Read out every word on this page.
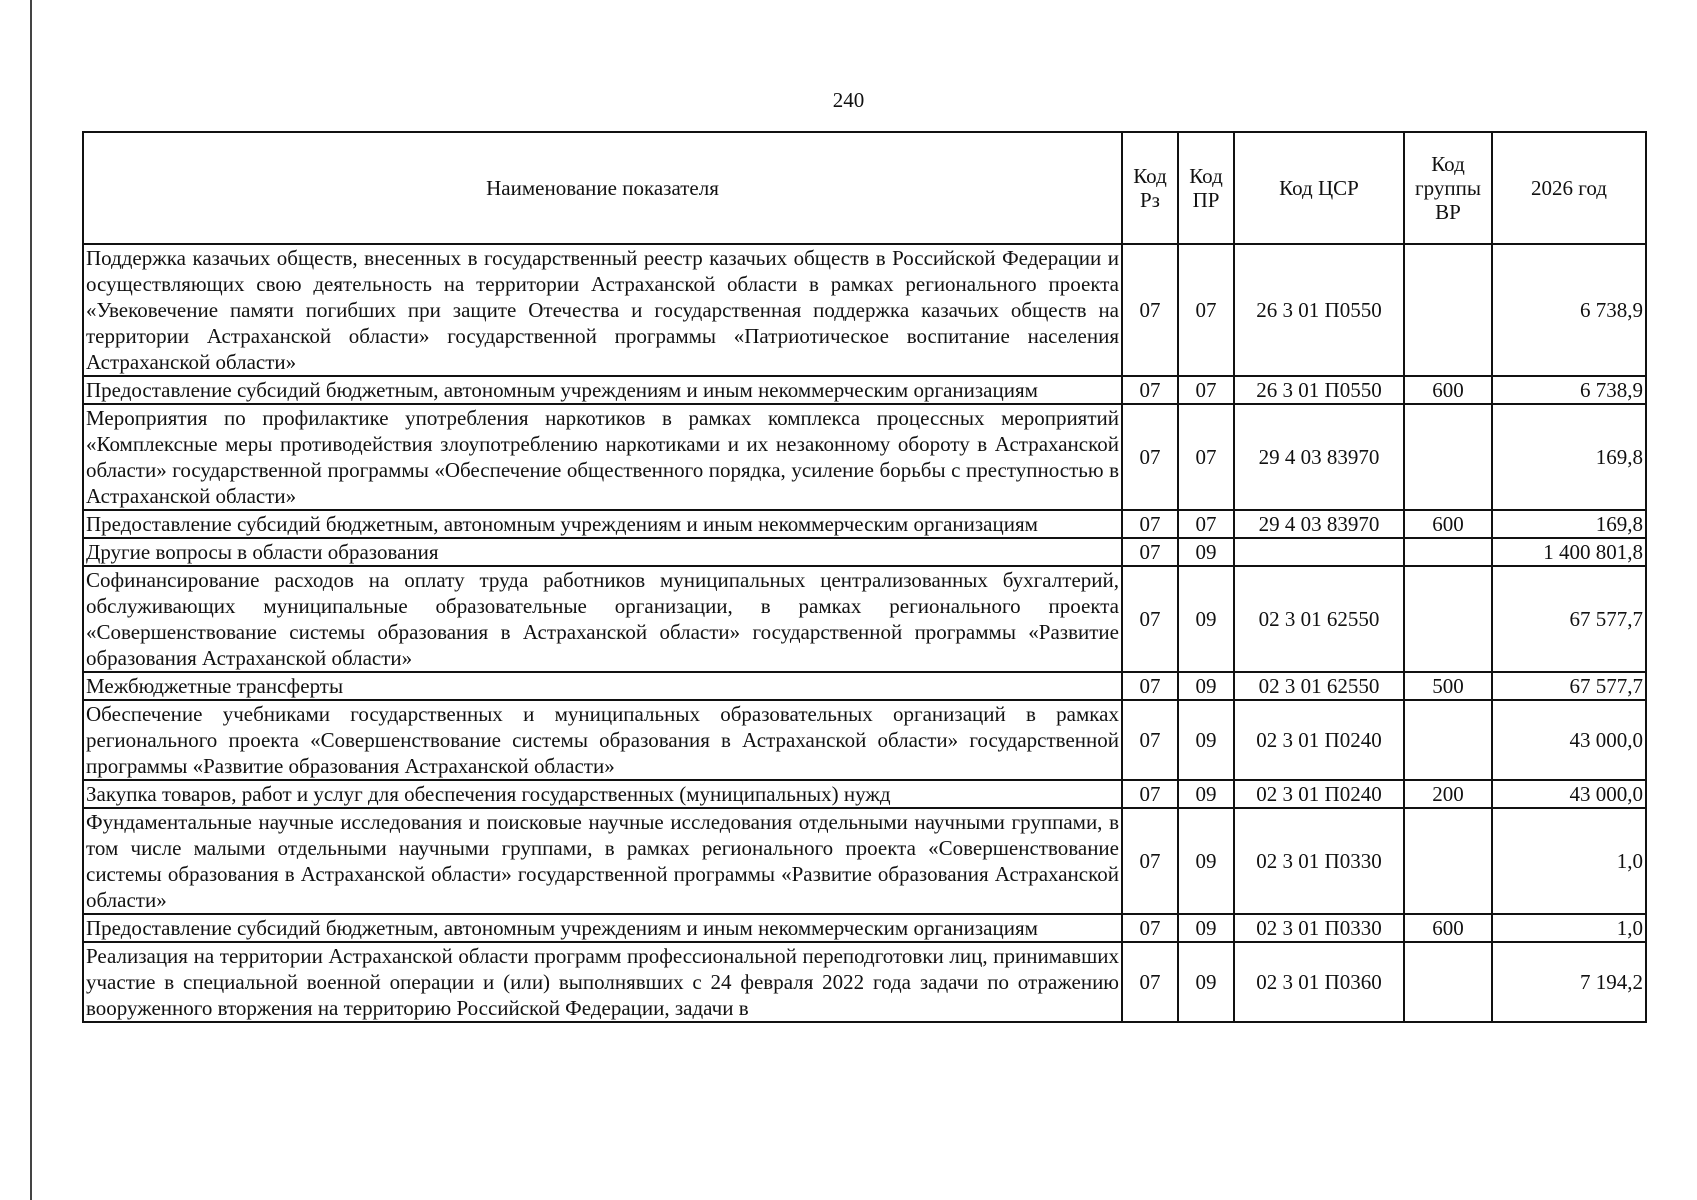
240
Наименование показателя	Код Рз	Код ПР	Код ЦСР	Код группы ВР	2026 год
Поддержка казачьих обществ, внесенных в государственный реестр казачьих обществ в Российской Федерации и осуществляющих свою деятельность на территории Астраханской области в рамках регионального проекта «Увековечение памяти погибших при защите Отечества и государственная поддержка казачьих обществ на территории Астраханской области» государственной программы «Патриотическое воспитание населения Астраханской области»	07	07	26 3 01 П0550		6 738,9
Предоставление субсидий бюджетным, автономным учреждениям и иным некоммерческим организациям	07	07	26 3 01 П0550	600	6 738,9
Мероприятия по профилактике употребления наркотиков в рамках комплекса процессных мероприятий «Комплексные меры противодействия злоупотреблению наркотиками и их незаконному обороту в Астраханской области» государственной программы «Обеспечение общественного порядка, усиление борьбы с преступностью в Астраханской области»	07	07	29 4 03 83970		169,8
Предоставление субсидий бюджетным, автономным учреждениям и иным некоммерческим организациям	07	07	29 4 03 83970	600	169,8
Другие вопросы в области образования	07	09			1 400 801,8
Софинансирование расходов на оплату труда работников муниципальных централизованных бухгалтерий, обслуживающих муниципальные образовательные организации, в рамках регионального проекта «Совершенствование системы образования в Астраханской области» государственной программы «Развитие образования Астраханской области»	07	09	02 3 01 62550		67 577,7
Межбюджетные трансферты	07	09	02 3 01 62550	500	67 577,7
Обеспечение учебниками государственных и муниципальных образовательных организаций в рамках регионального проекта «Совершенствование системы образования в Астраханской области» государственной программы «Развитие образования Астраханской области»	07	09	02 3 01 П0240		43 000,0
Закупка товаров, работ и услуг для обеспечения государственных (муниципальных) нужд	07	09	02 3 01 П0240	200	43 000,0
Фундаментальные научные исследования и поисковые научные исследования отдельными научными группами, в том числе малыми отдельными научными группами, в рамках регионального проекта «Совершенствование системы образования в Астраханской области» государственной программы «Развитие образования Астраханской области»	07	09	02 3 01 П0330		1,0
Предоставление субсидий бюджетным, автономным учреждениям и иным некоммерческим организациям	07	09	02 3 01 П0330	600	1,0
Реализация на территории Астраханской области программ профессиональной переподготовки лиц, принимавших участие в специальной военной операции и (или) выполнявших с 24 февраля 2022 года задачи по отражению вооруженного вторжения на территорию Российской Федерации, задачи в	07	09	02 3 01 П0360		7 194,2
